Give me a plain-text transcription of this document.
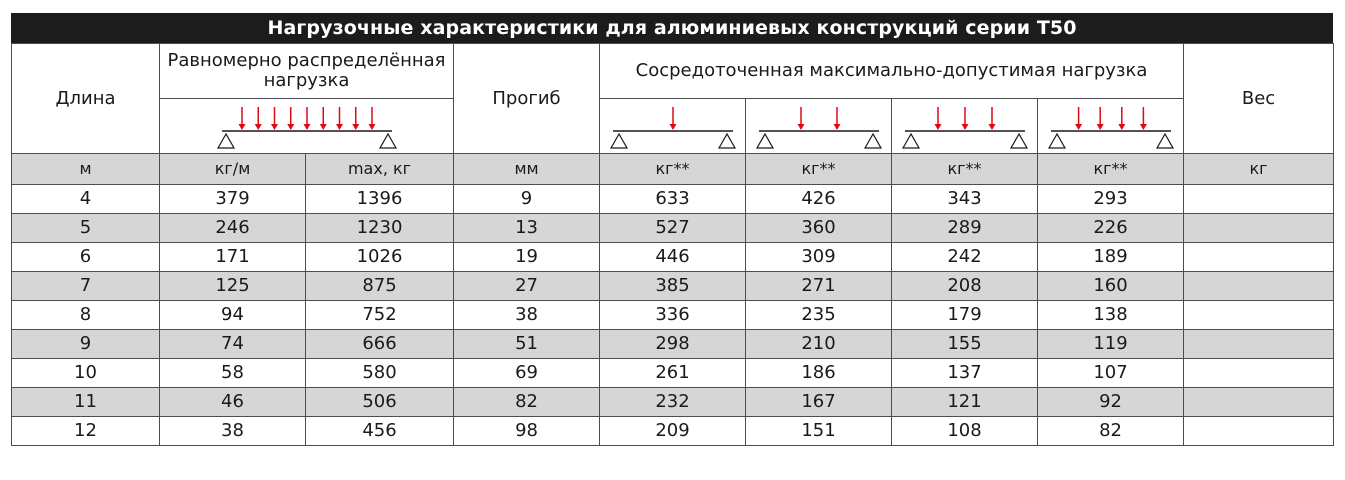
Нагрузочные характеристики для алюминиевых конструкций серии Т50
Длина	Равномерно распределённая нагрузка		Прогиб	Сосредоточенная максимально-допустимая нагрузка				Вес

м	кг/м	max, кг	мм	кг**	кг**	кг**	кг**	кг
4	379	1396	9	633	426	343	293	
5	246	1230	13	527	360	289	226	
6	171	1026	19	446	309	242	189	
7	125	875	27	385	271	208	160	
8	94	752	38	336	235	179	138	
9	74	666	51	298	210	155	119	
10	58	580	69	261	186	137	107	
11	46	506	82	232	167	121	92	
12	38	456	98	209	151	108	82	
